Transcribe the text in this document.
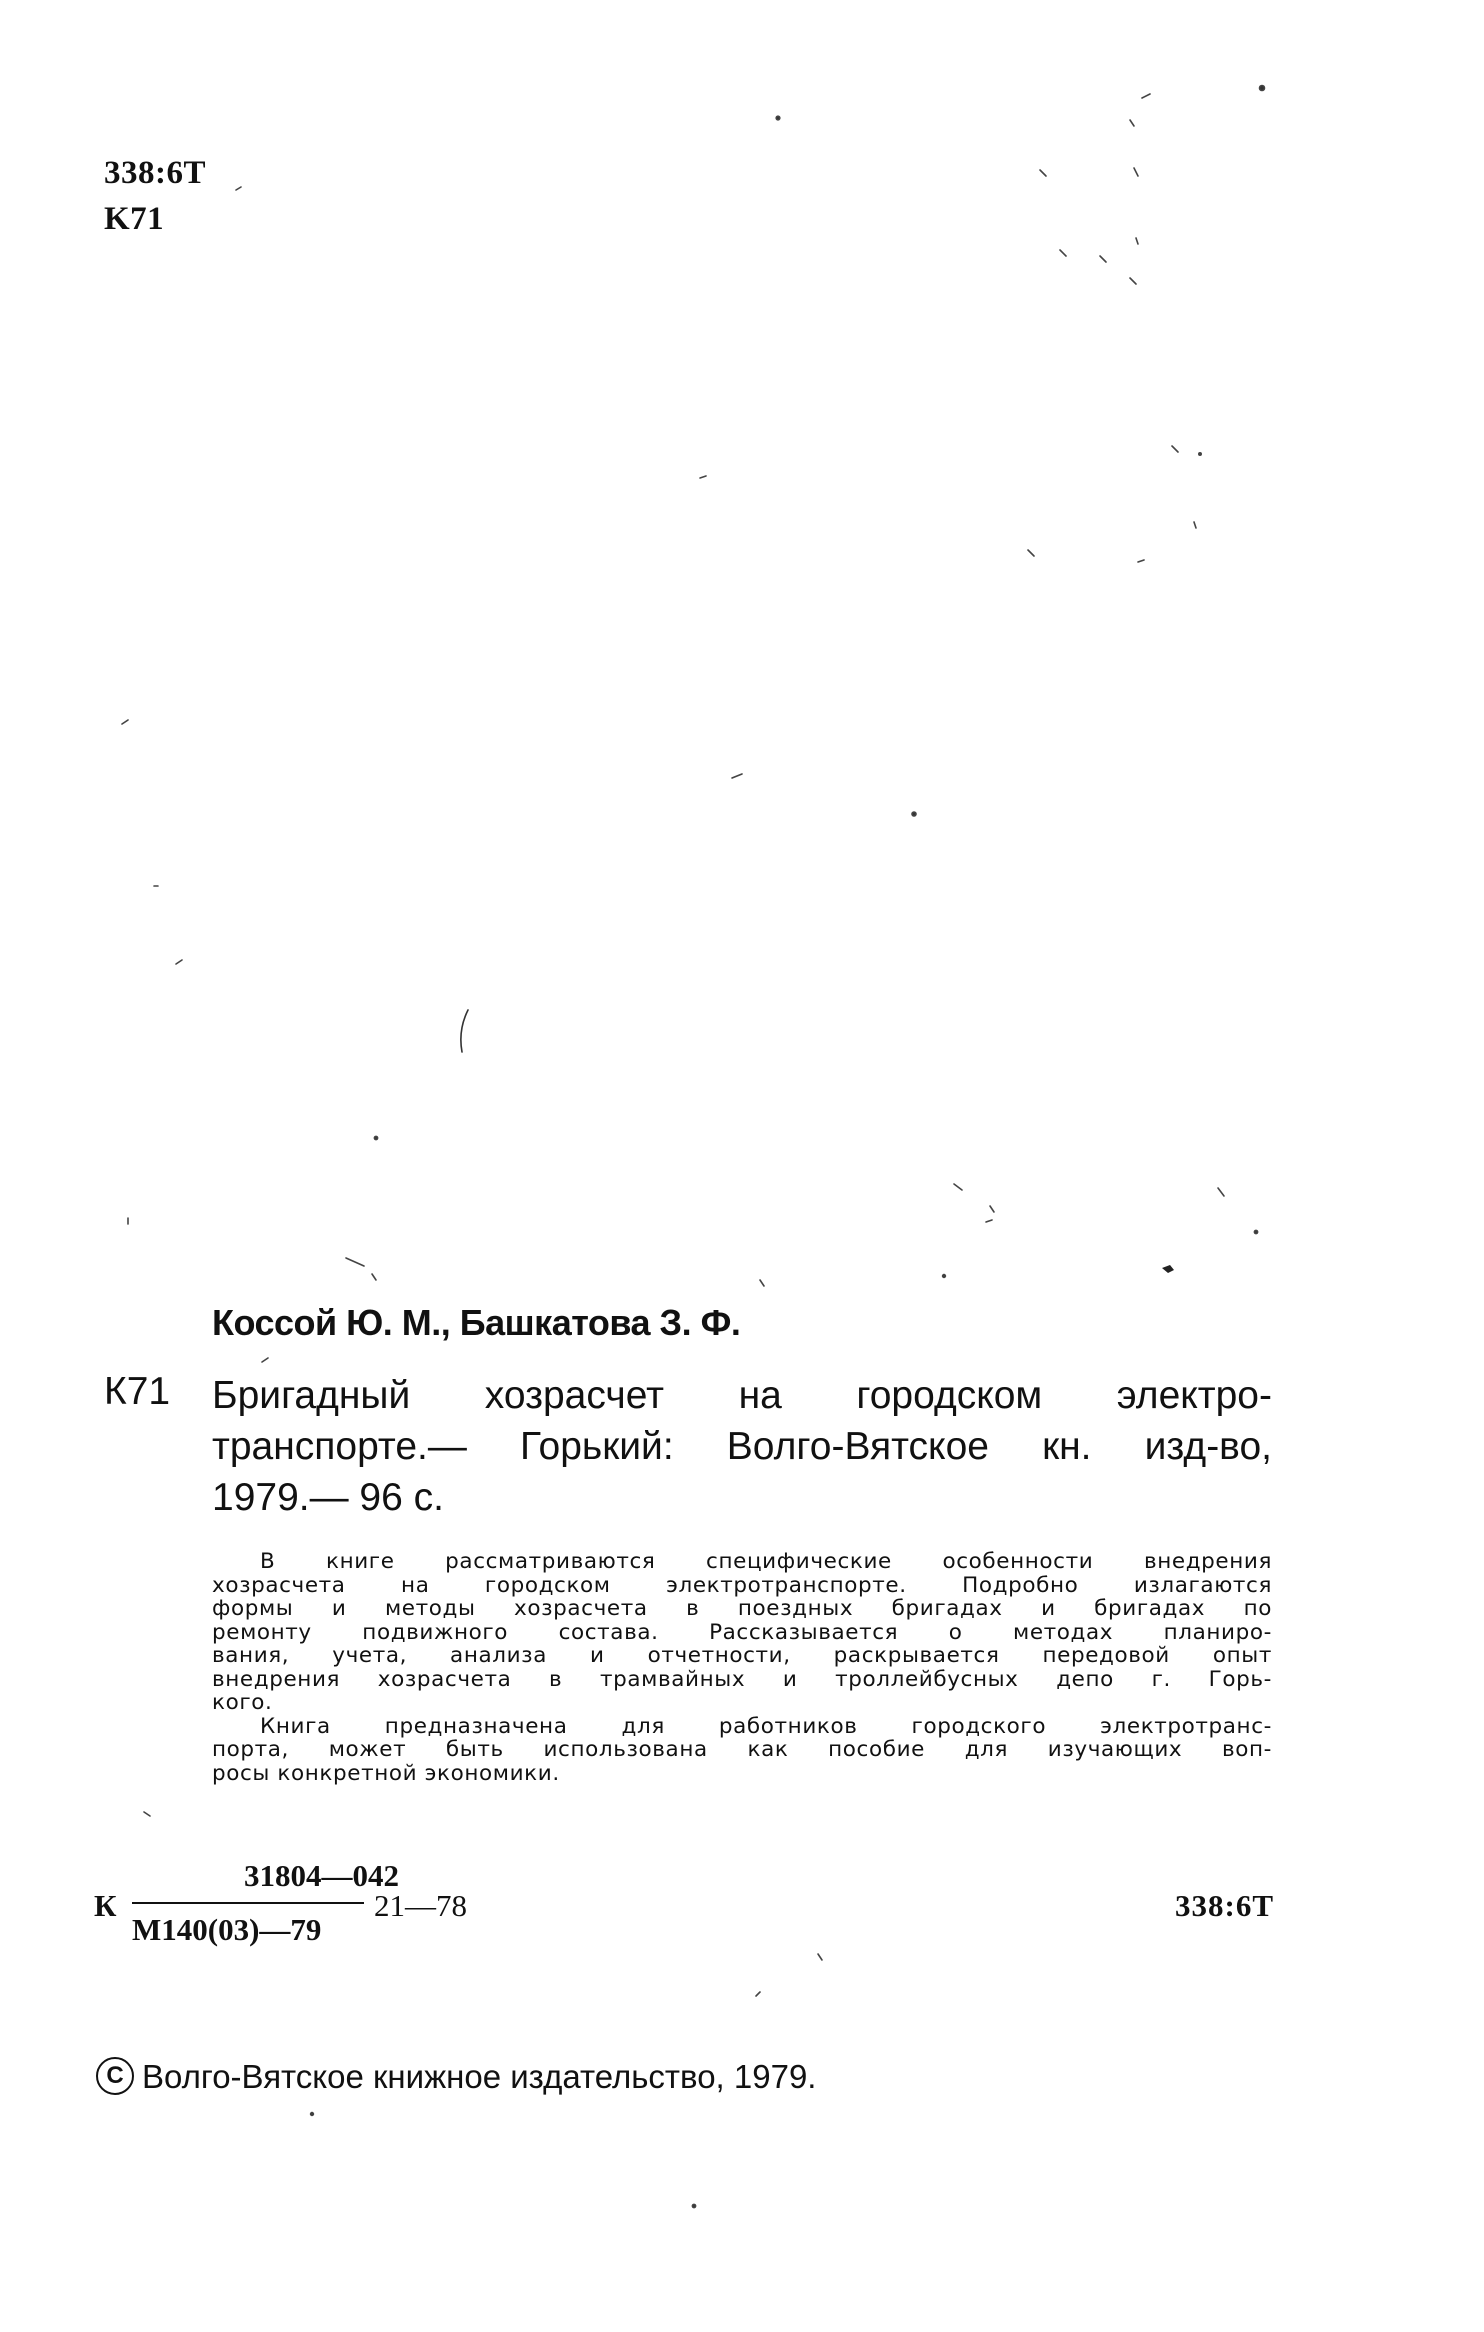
338:6T
K71
Коссой Ю. М., Башкатова З. Ф.
К71 Бригадный хозрасчет на городском электро-
транспорте.— Горький: Волго-Вятское кн. изд-во,
1979.— 96 с.
В книге рассматриваются специфические особенности внедрения
хозрасчета на городском электротранспорте. Подробно излагаются
формы и методы хозрасчета в поездных бригадах и бригадах по
ремонту подвижного состава. Рассказывается о методах планиро-
вания, учета, анализа и отчетности, раскрывается передовой опыт
внедрения хозрасчета в трамвайных и троллейбусных депо г. Горь-
кого.
Книга предназначена для работников городского электротранс-
порта, может быть использована как пособие для изучающих воп-
росы конкретной экономики.
К
31804—042
М140(03)—79
21—78	338:6T
C Волго-Вятское книжное издательство, 1979.
